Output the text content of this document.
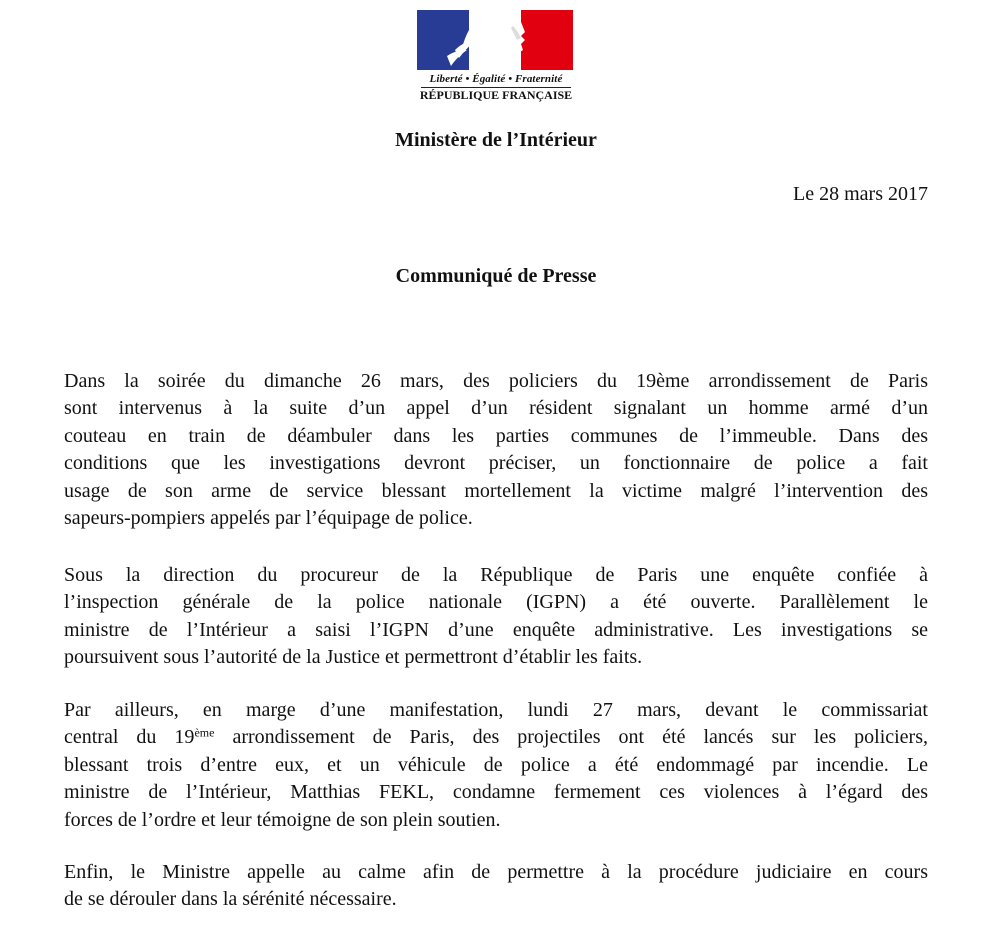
Liberté • Égalité • Fraternité
RÉPUBLIQUE FRANÇAISE
Ministère de l’Intérieur
Le 28 mars 2017
Communiqué de Presse
Dans la soirée du dimanche 26 mars, des policiers du 19ème arrondissement de Paris
sont intervenus à la suite d’un appel d’un résident signalant un homme armé d’un
couteau en train de déambuler dans les parties communes de l’immeuble. Dans des
conditions que les investigations devront préciser, un fonctionnaire de police a fait
usage de son arme de service blessant mortellement la victime malgré l’intervention des
sapeurs-pompiers appelés par l’équipage de police.
Sous la direction du procureur de la République de Paris une enquête confiée à
l’inspection générale de la police nationale (IGPN) a été ouverte. Parallèlement le
ministre de l’Intérieur a saisi l’IGPN d’une enquête administrative. Les investigations se
poursuivent sous l’autorité de la Justice et permettront d’établir les faits.
Par ailleurs, en marge d’une manifestation, lundi 27 mars, devant le commissariat
central du 19ème arrondissement de Paris, des projectiles ont été lancés sur les policiers,
blessant trois d’entre eux, et un véhicule de police a été endommagé par incendie. Le
ministre de l’Intérieur, Matthias FEKL, condamne fermement ces violences à l’égard des
forces de l’ordre et leur témoigne de son plein soutien.
Enfin, le Ministre appelle au calme afin de permettre à la procédure judiciaire en cours
de se dérouler dans la sérénité nécessaire.
